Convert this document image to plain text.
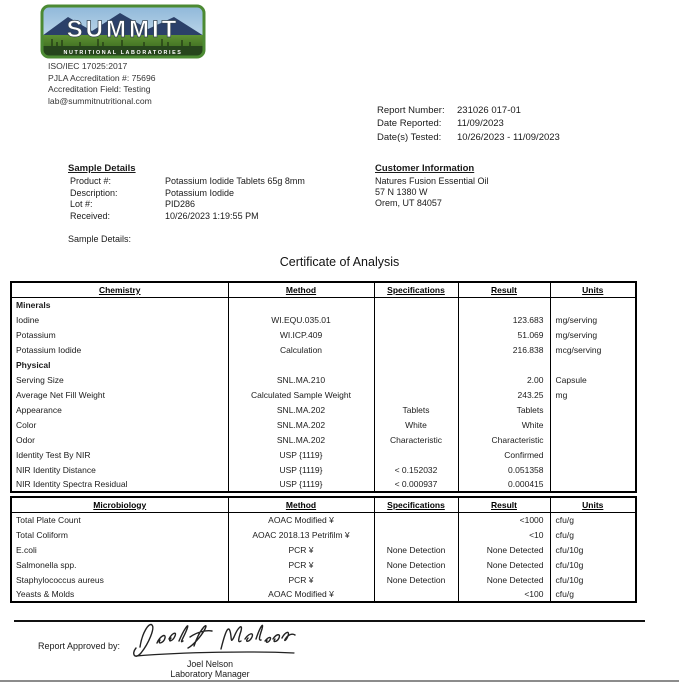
SUMMIT
NUTRITIONAL LABORATORIES
ISO/IEC 17025:2017
PJLA Accreditation #: 75696
Accreditation Field: Testing
lab@summitnutritional.com
Report Number:	231026 017-01
Date Reported:	11/09/2023
Date(s) Tested:	10/26/2023 - 11/09/2023
Sample Details
Product #:	Potassium Iodide Tablets 65g 8mm
Description:	Potassium Iodide
Lot #:	PID286
Received:	10/26/2023 1:19:55 PM
Sample Details:
Customer Information
Natures Fusion Essential Oil
57 N 1380 W
Orem, UT 84057
Certificate of Analysis
Chemistry	Method	Specifications	Result	Units
Minerals				
Iodine	WI.EQU.035.01		123.683	mg/serving
Potassium	WI.ICP.409		51.069	mg/serving
Potassium Iodide	Calculation		216.838	mcg/serving
Physical				
Serving Size	SNL.MA.210		2.00	Capsule
Average Net Fill Weight	Calculated Sample Weight		243.25	mg
Appearance	SNL.MA.202	Tablets	Tablets	
Color	SNL.MA.202	White	White	
Odor	SNL.MA.202	Characteristic	Characteristic	
Identity Test By NIR	USP {1119}		Confirmed	
NIR Identity Distance	USP {1119}	< 0.152032	0.051358	
NIR Identity Spectra Residual	USP {1119}	< 0.000937	0.000415	
Microbiology	Method	Specifications	Result	Units
Total Plate Count	AOAC Modified ¥		<1000	cfu/g
Total Coliform	AOAC 2018.13 Petrifilm ¥		<10	cfu/g
E.coli	PCR ¥	None Detection	None Detected	cfu/10g
Salmonella spp.	PCR ¥	None Detection	None Detected	cfu/10g
Staphylococcus aureus	PCR ¥	None Detection	None Detected	cfu/10g
Yeasts & Molds	AOAC Modified ¥		<100	cfu/g
Report Approved by:
Joel Nelson
Laboratory Manager
